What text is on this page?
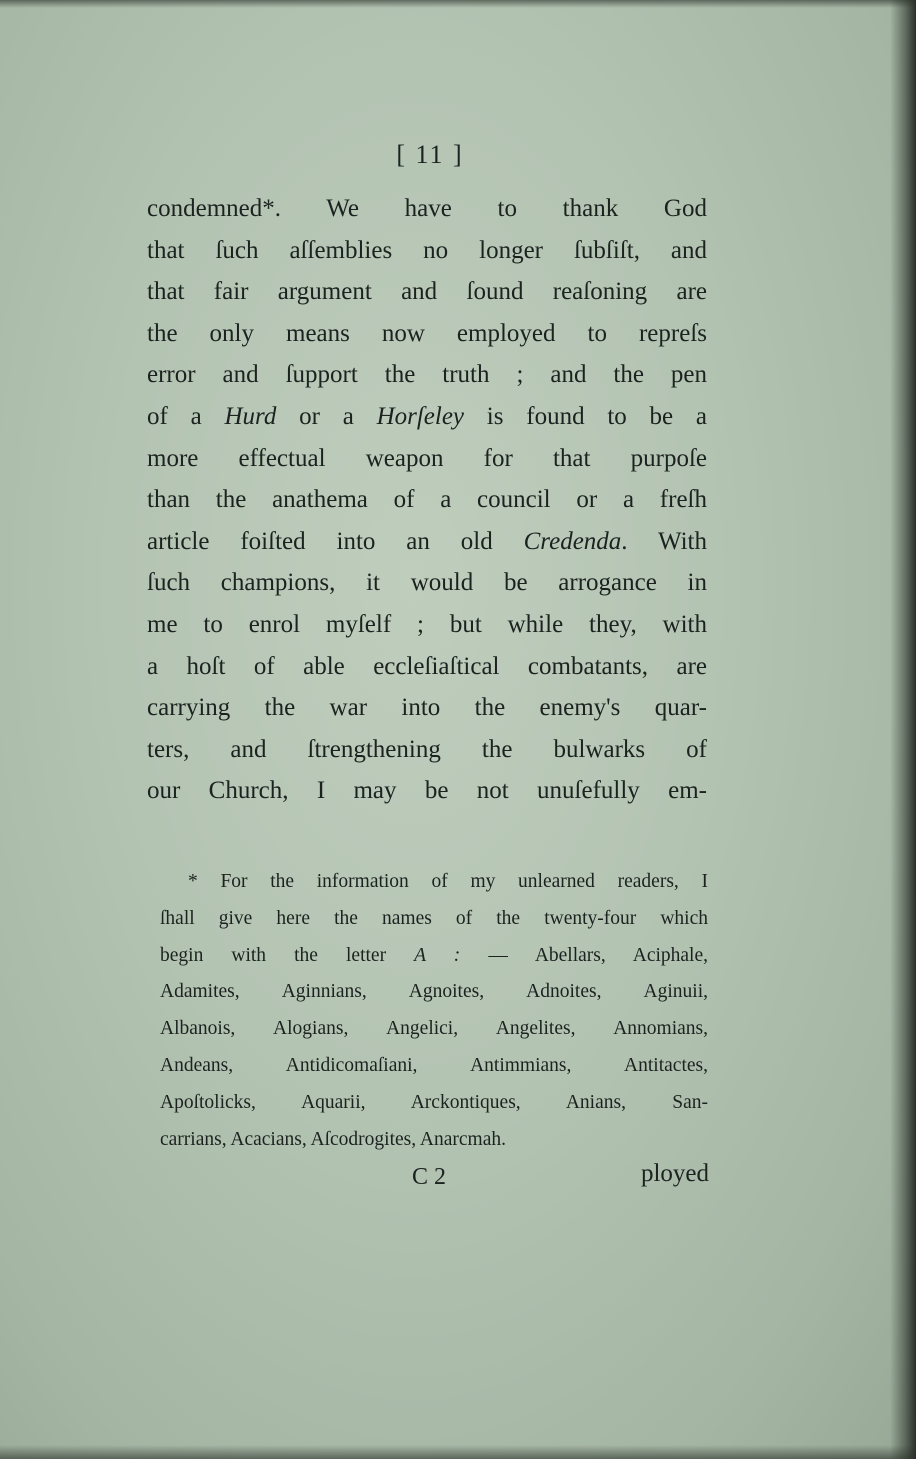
[ 11 ]
condemned*. We have to thank God
that ſuch aſſemblies no longer ſubſiſt, and
that fair argument and ſound reaſoning are
the only means now employed to repreſs
error and ſupport the truth ; and the pen
of a Hurd or a Horſeley is found to be a
more effectual weapon for that purpoſe
than the anathema of a council or a freſh
article foiſted into an old Credenda. With
ſuch champions, it would be arrogance in
me to enrol myſelf ; but while they, with
a hoſt of able eccleſiaſtical combatants, are
carrying the war into the enemy's quar-
ters, and ſtrengthening the bulwarks of
our Church, I may be not unuſefully em-
* For the information of my unlearned readers, I
ſhall give here the names of the twenty-four which
begin with the letter A : — Abellars, Aciphale,
Adamites, Aginnians, Agnoites, Adnoites, Aginuii,
Albanois, Alogians, Angelici, Angelites, Annomians,
Andeans, Antidicomaſiani, Antimmians, Antitactes,
Apoſtolicks, Aquarii, Arckontiques, Anians, San-
carrians, Acacians, Aſcodrogites, Anarcmah.
C 2	ployed
